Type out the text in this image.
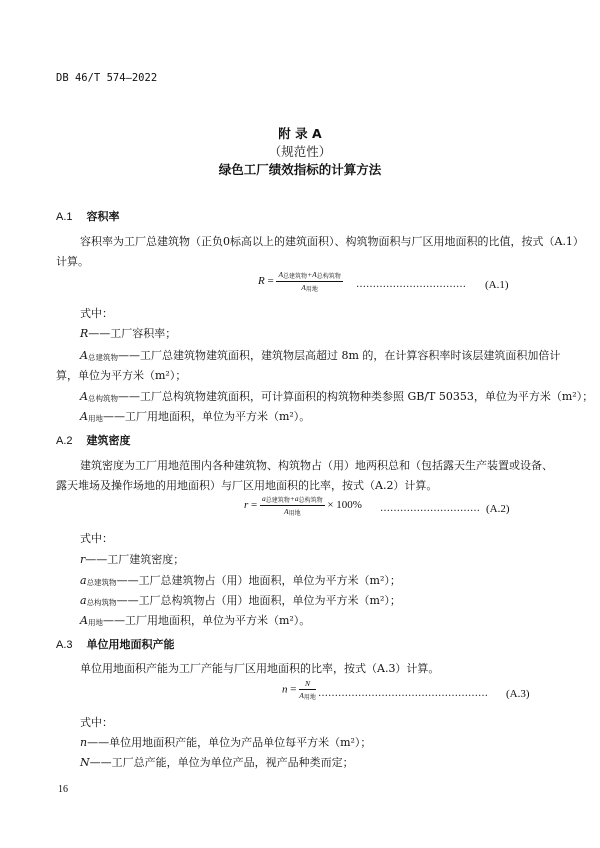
DB 46/T 574—2022
附 录 A
（规范性）
绿色工厂绩效指标的计算方法
A.1 容积率
容积率为工厂总建筑物（正负0标高以上的建筑面积）、构筑物面积与厂区用地面积的比值，按式（A.1）
计算。
$R = \frac{A_{总建筑物}+A_{总构筑物}}{A_{用地}}$ …………………………… (A.1)
式中：
R——工厂容积率；
A总建筑物——工厂总建筑物建筑面积，建筑物层高超过 8m 的，在计算容积率时该层建筑面积加倍计
算，单位为平方米（m²）；
A总构筑物——工厂总构筑物建筑面积，可计算面积的构筑物种类参照 GB/T 50353，单位为平方米（m²）；
A用地——工厂用地面积，单位为平方米（m²）。
A.2 建筑密度
建筑密度为工厂用地范围内各种建筑物、构筑物占（用）地两积总和（包括露天生产装置或设备、
露天堆场及操作场地的用地面积）与厂区用地面积的比率，按式（A.2）计算。
$r = \frac{a_{总建筑物}+a_{总构筑物}}{A_{用地}} \times 100\%$ ………………………… (A.2)
式中：
r——工厂建筑密度；
a总建筑物——工厂总建筑物占（用）地面积，单位为平方米（m²）；
a总构筑物——工厂总构筑物占（用）地面积，单位为平方米（m²）；
A用地——工厂用地面积，单位为平方米（m²）。
A.3 单位用地面积产能
单位用地面积产能为工厂产能与厂区用地面积的比率，按式（A.3）计算。
$n = \frac{N}{A_{用地}}$ …………………………………………… (A.3)
式中：
n——单位用地面积产能，单位为产品单位每平方米（m²）；
N——工厂总产能，单位为单位产品，视产品种类而定；
16
